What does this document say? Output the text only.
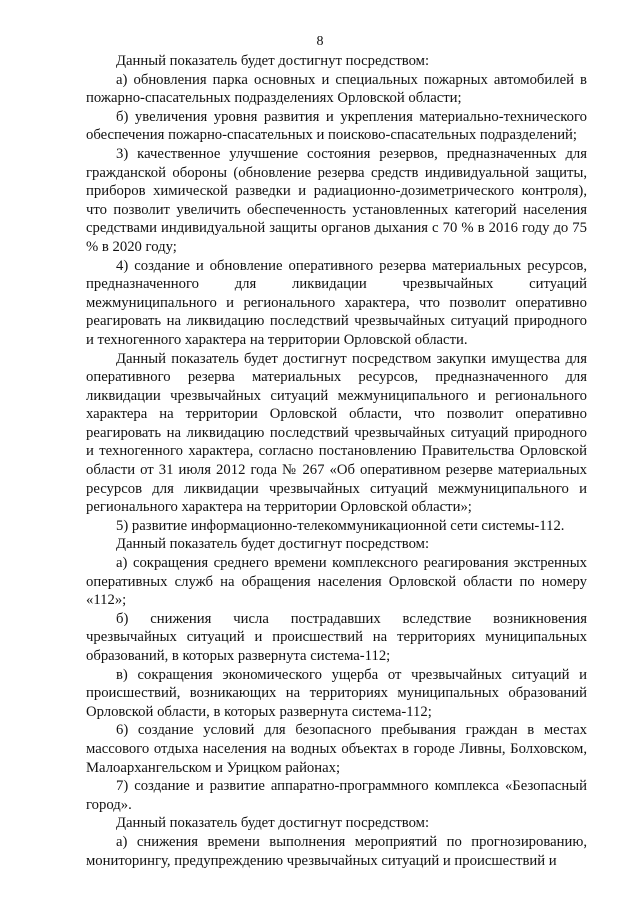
8

Данный показатель будет достигнут посредством:

а) обновления парка основных и специальных пожарных автомобилей в пожарно-спасательных подразделениях Орловской области;

б) увеличения уровня развития и укрепления материально-технического обеспечения пожарно-спасательных и поисково-спасательных подразделений;

3) качественное улучшение состояния резервов, предназначенных для гражданской обороны (обновление резерва средств индивидуальной защиты, приборов химической разведки и радиационно-дозиметрического контроля), что позволит увеличить обеспеченность установленных категорий населения средствами индивидуальной защиты органов дыхания с 70 % в 2016 году до 75 % в 2020 году;

4) создание и обновление оперативного резерва материальных ресурсов, предназначенного для ликвидации чрезвычайных ситуаций межмуниципального и регионального характера, что позволит оперативно реагировать на ликвидацию последствий чрезвычайных ситуаций природного и техногенного характера на территории Орловской области.

Данный показатель будет достигнут посредством закупки имущества для оперативного резерва материальных ресурсов, предназначенного для ликвидации чрезвычайных ситуаций межмуниципального и регионального характера на территории Орловской области, что позволит оперативно реагировать на ликвидацию последствий чрезвычайных ситуаций природного и техногенного характера, согласно постановлению Правительства Орловской области от 31 июля 2012 года № 267 «Об оперативном резерве материальных ресурсов для ликвидации чрезвычайных ситуаций межмуниципального и регионального характера на территории Орловской области»;

5) развитие информационно-телекоммуникационной сети системы-112.

Данный показатель будет достигнут посредством:

а) сокращения среднего времени комплексного реагирования экстренных оперативных служб на обращения населения Орловской области по номеру «112»;

б) снижения числа пострадавших вследствие возникновения чрезвычайных ситуаций и происшествий на территориях муниципальных образований, в которых развернута система-112;

в) сокращения экономического ущерба от чрезвычайных ситуаций и происшествий, возникающих на территориях муниципальных образований Орловской области, в которых развернута система-112;

6) создание условий для безопасного пребывания граждан в местах массового отдыха населения на водных объектах в городе Ливны, Болховском, Малоархангельском и Урицком районах;

7) создание и развитие аппаратно-программного комплекса «Безопасный город».

Данный показатель будет достигнут посредством:

а) снижения времени выполнения мероприятий по прогнозированию, мониторингу, предупреждению чрезвычайных ситуаций и происшествий и
